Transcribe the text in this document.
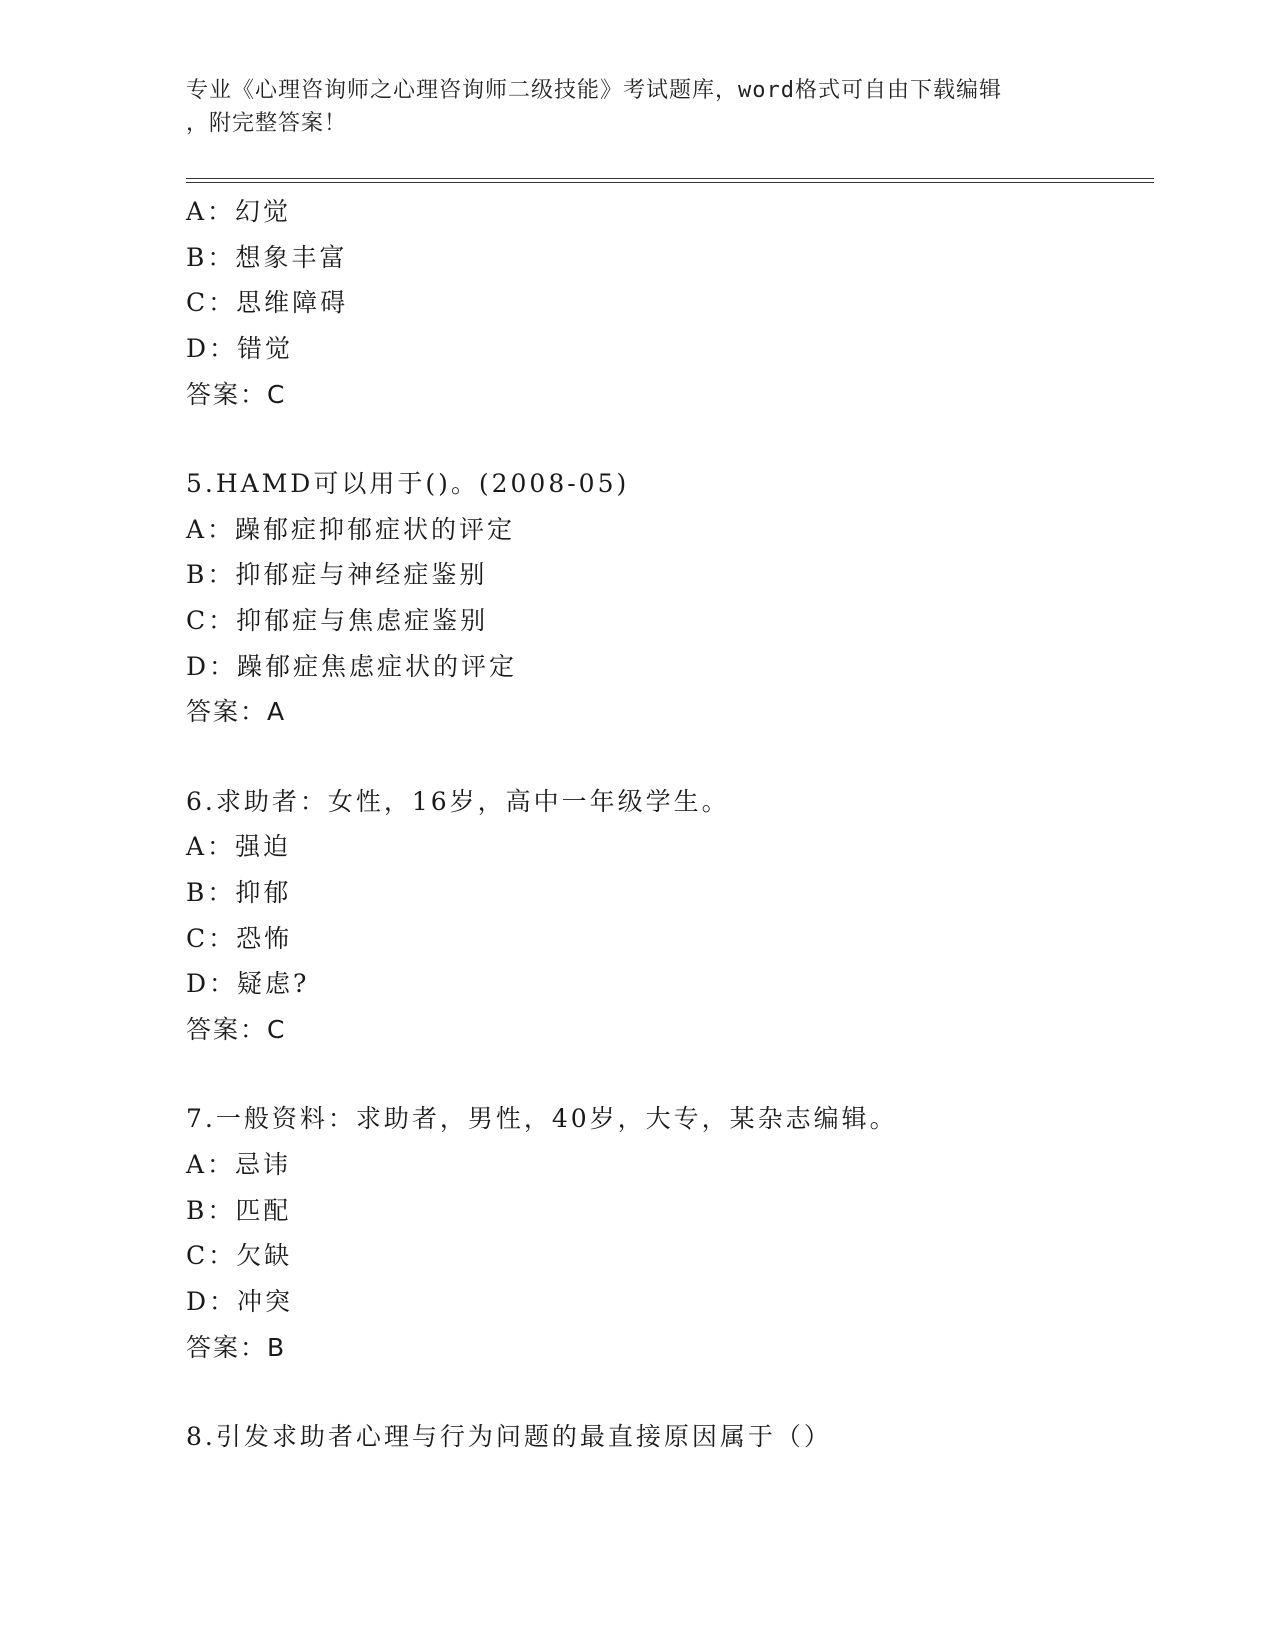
专业《心理咨询师之心理咨询师二级技能》考试题库，word格式可自由下载编辑
，附完整答案！
A：幻觉
B：想象丰富
C：思维障碍
D：错觉
答案：C
5.HAMD可以用于()。(2008-05)
A：躁郁症抑郁症状的评定
B：抑郁症与神经症鉴别
C：抑郁症与焦虑症鉴别
D：躁郁症焦虑症状的评定
答案：A
6.求助者：女性，16岁，高中一年级学生。
A：强迫
B：抑郁
C：恐怖
D：疑虑?
答案：C
7.一般资料：求助者，男性，40岁，大专，某杂志编辑。
A：忌讳
B：匹配
C：欠缺
D：冲突
答案：B
8.引发求助者心理与行为问题的最直接原因属于（）
